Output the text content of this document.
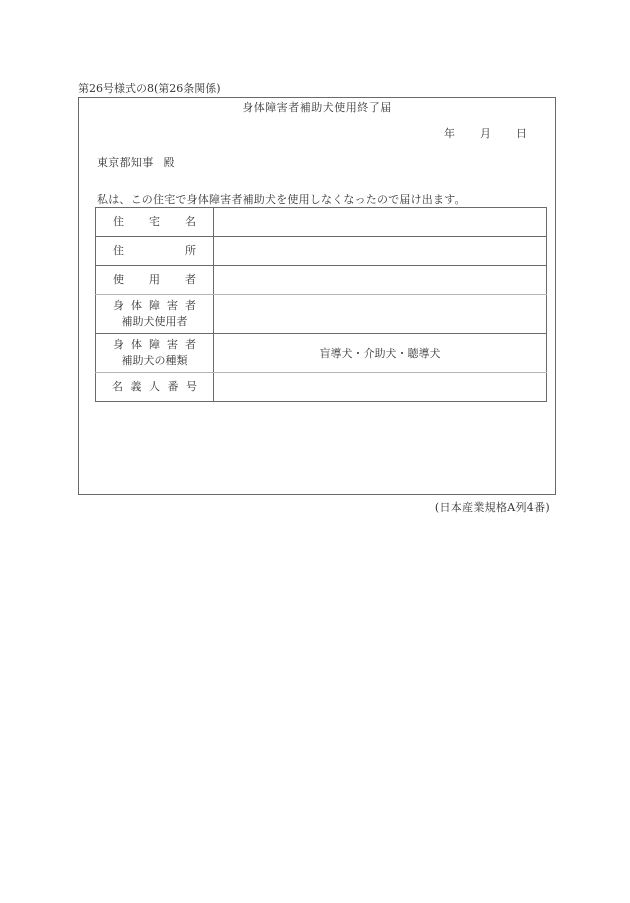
第26号様式の8(第26条関係)
身体障害者補助犬使用終了届
年 月 日
東京都知事 殿
私は、この住宅で身体障害者補助犬を使用しなくなったので届け出ます。
住 宅 名	

住 所	

使 用 者	

身 体 障 害 者
補助犬使用者

身 体 障 害 者
補助犬の種類
	盲導犬・介助犬・聴導犬

名 義 人 番 号	

(日本産業規格A列4番)
